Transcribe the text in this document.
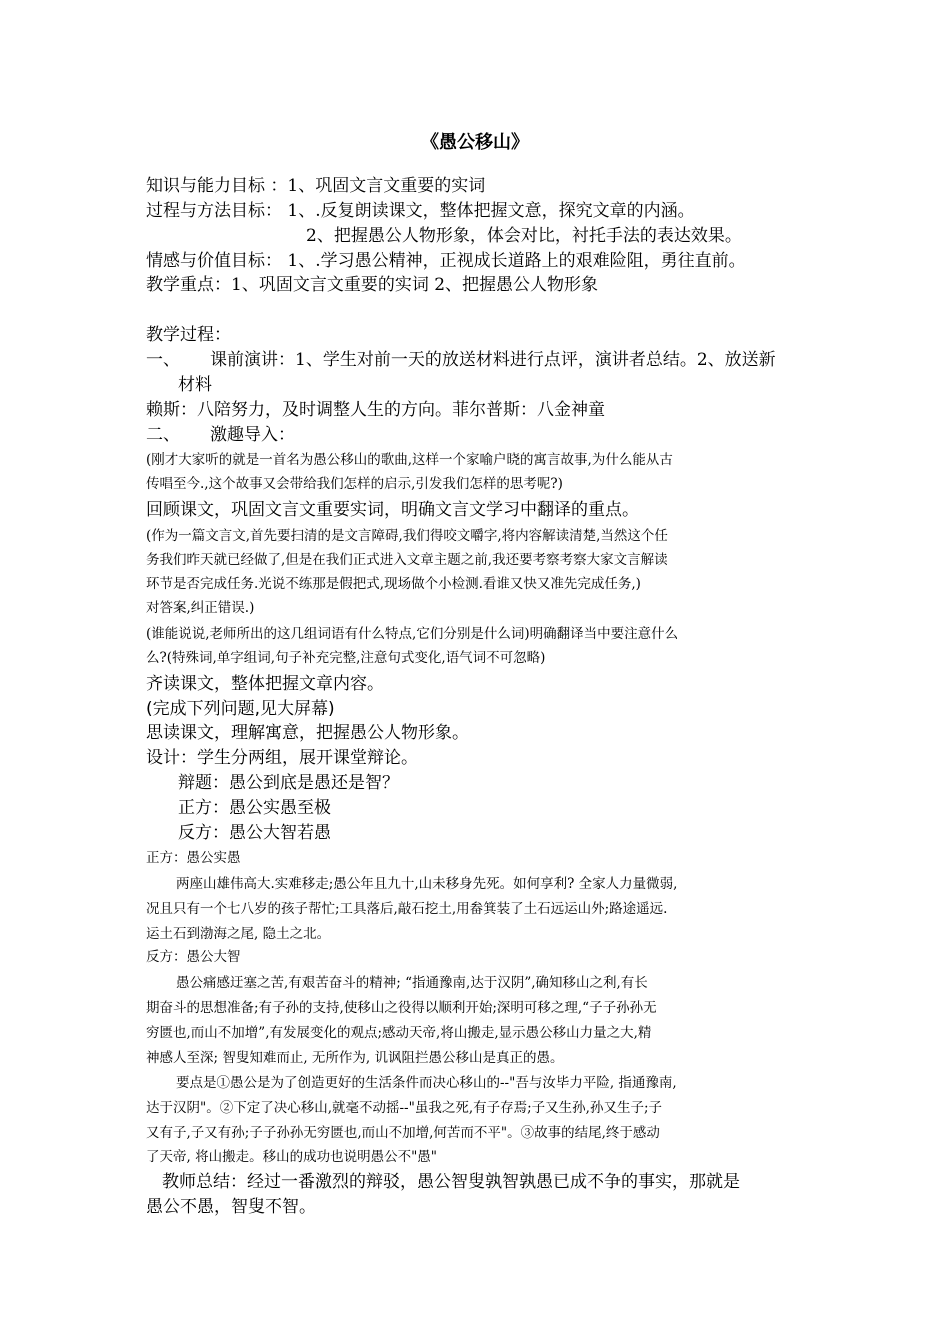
《愚公移山》
知识与能力目标 ：1、巩固文言文重要的实词
过程与方法目标： 1、.反复朗读课文，整体把握文意，探究文章的内涵。
2、把握愚公人物形象，体会对比，衬托手法的表达效果。
情感与价值目标： 1、.学习愚公精神，正视成长道路上的艰难险阻，勇往直前。
教学重点：1、巩固文言文重要的实词 2、把握愚公人物形象
教学过程：
一、 课前演讲：1、学生对前一天的放送材料进行点评，演讲者总结。2、放送新
材料
赖斯：八陪努力，及时调整人生的方向。菲尔普斯：八金神童
二、 激趣导入：
(刚才大家听的就是一首名为愚公移山的歌曲,这样一个家喻户晓的寓言故事,为什么能从古
传唱至今.,这个故事又会带给我们怎样的启示,引发我们怎样的思考呢?)
回顾课文，巩固文言文重要实词，明确文言文学习中翻译的重点。
(作为一篇文言文,首先要扫清的是文言障碍,我们得咬文嚼字,将内容解读清楚,当然这个任
务我们昨天就已经做了,但是在我们正式进入文章主题之前,我还要考察考察大家文言解读
环节是否完成任务.光说不练那是假把式,现场做个小检测.看谁又快又准先完成任务,)
对答案,纠正错误.)
(谁能说说,老师所出的这几组词语有什么特点,它们分别是什么词)明确翻译当中要注意什么
么?(特殊词,单字组词,句子补充完整,注意句式变化,语气词不可忽略)
齐读课文，整体把握文章内容。
(完成下列问题,见大屏幕)
思读课文，理解寓意，把握愚公人物形象。
设计：学生分两组，展开课堂辩论。
辩题：愚公到底是愚还是智？
正方：愚公实愚至极
反方：愚公大智若愚
正方：愚公实愚
两座山雄伟高大.实难移走;愚公年且九十,山未移身先死。如何享利? 全家人力量微弱,
况且只有一个七八岁的孩子帮忙;工具落后,敲石挖土,用畚箕装了土石远运山外;路途遥远.
运土石到渤海之尾, 隐土之北。
反方：愚公大智
愚公痛感迂塞之苦,有艰苦奋斗的精神; “指通豫南,达于汉阴”,确知移山之利,有长
期奋斗的思想准备;有子孙的支持,使移山之役得以顺利开始;深明可移之理,“子子孙孙无
穷匮也,而山不加增”,有发展变化的观点;感动天帝,将山搬走,显示愚公移山力量之大,精
神感人至深; 智叟知难而止, 无所作为, 讥讽阻拦愚公移山是真正的愚。
要点是①愚公是为了创造更好的生活条件而决心移山的--"吾与汝毕力平险, 指通豫南,
达于汉阴"。②下定了决心移山,就毫不动摇--"虽我之死,有子存焉;子又生孙,孙又生子;子
又有子,子又有孙;子子孙孙无穷匮也,而山不加增,何苦而不平"。③故事的结尾,终于感动
了天帝, 将山搬走。移山的成功也说明愚公不"愚"
教师总结：经过一番激烈的辩驳，愚公智叟孰智孰愚已成不争的事实，那就是
愚公不愚，智叟不智。
